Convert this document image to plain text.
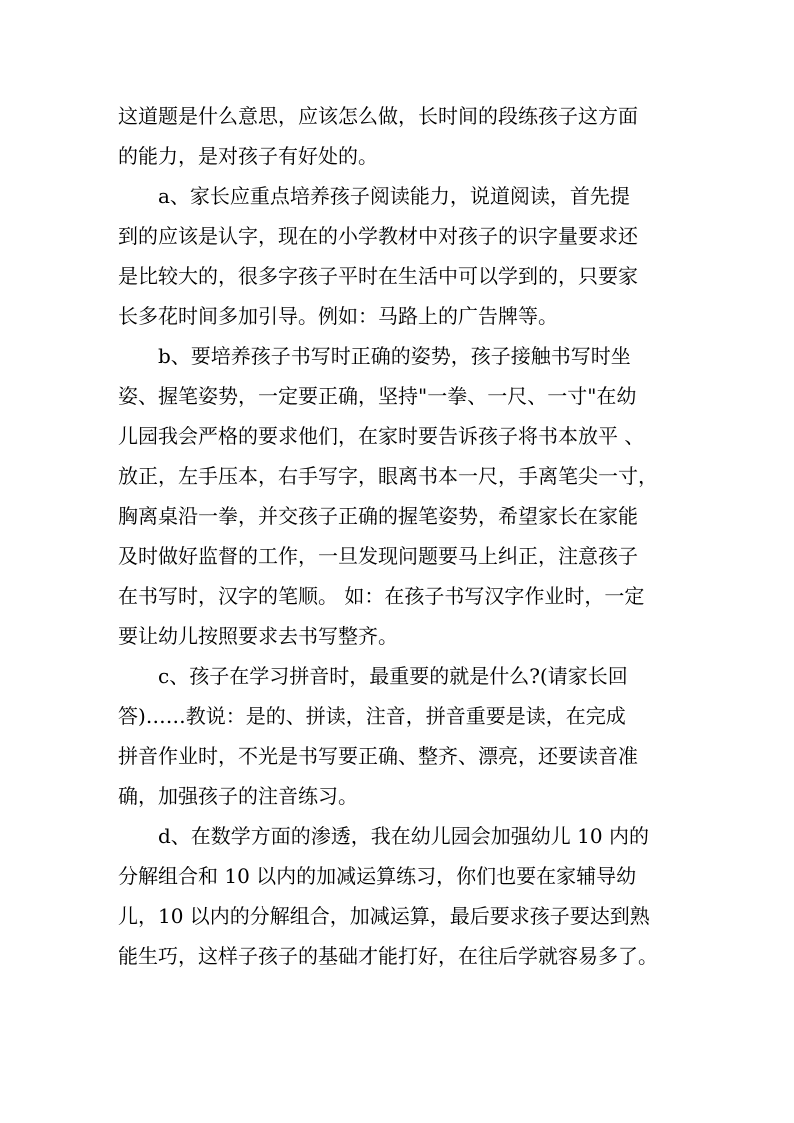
这道题是什么意思，应该怎么做，长时间的段练孩子这方面
的能力，是对孩子有好处的。

a、家长应重点培养孩子阅读能力，说道阅读，首先提
到的应该是认字，现在的小学教材中对孩子的识字量要求还
是比较大的，很多字孩子平时在生活中可以学到的，只要家
长多花时间多加引导。例如：马路上的广告牌等。

b、要培养孩子书写时正确的姿势，孩子接触书写时坐
姿、握笔姿势，一定要正确，坚持"一拳、一尺、一寸"在幼
儿园我会严格的要求他们，在家时要告诉孩子将书本放平 、
放正，左手压本，右手写字，眼离书本一尺，手离笔尖一寸，
胸离桌沿一拳，并交孩子正确的握笔姿势，希望家长在家能
及时做好监督的工作，一旦发现问题要马上纠正，注意孩子
在书写时，汉字的笔顺。 如：在孩子书写汉字作业时，一定
要让幼儿按照要求去书写整齐。

c、孩子在学习拼音时，最重要的就是什么?(请家长回
答)……教说：是的、拼读，注音，拼音重要是读，在完成
拼音作业时，不光是书写要正确、整齐、漂亮，还要读音准
确，加强孩子的注音练习。

d、在数学方面的渗透，我在幼儿园会加强幼儿 10 内的
分解组合和 10 以内的加减运算练习，你们也要在家辅导幼
儿，10 以内的分解组合，加减运算，最后要求孩子要达到熟
能生巧，这样子孩子的基础才能打好，在往后学就容易多了。
